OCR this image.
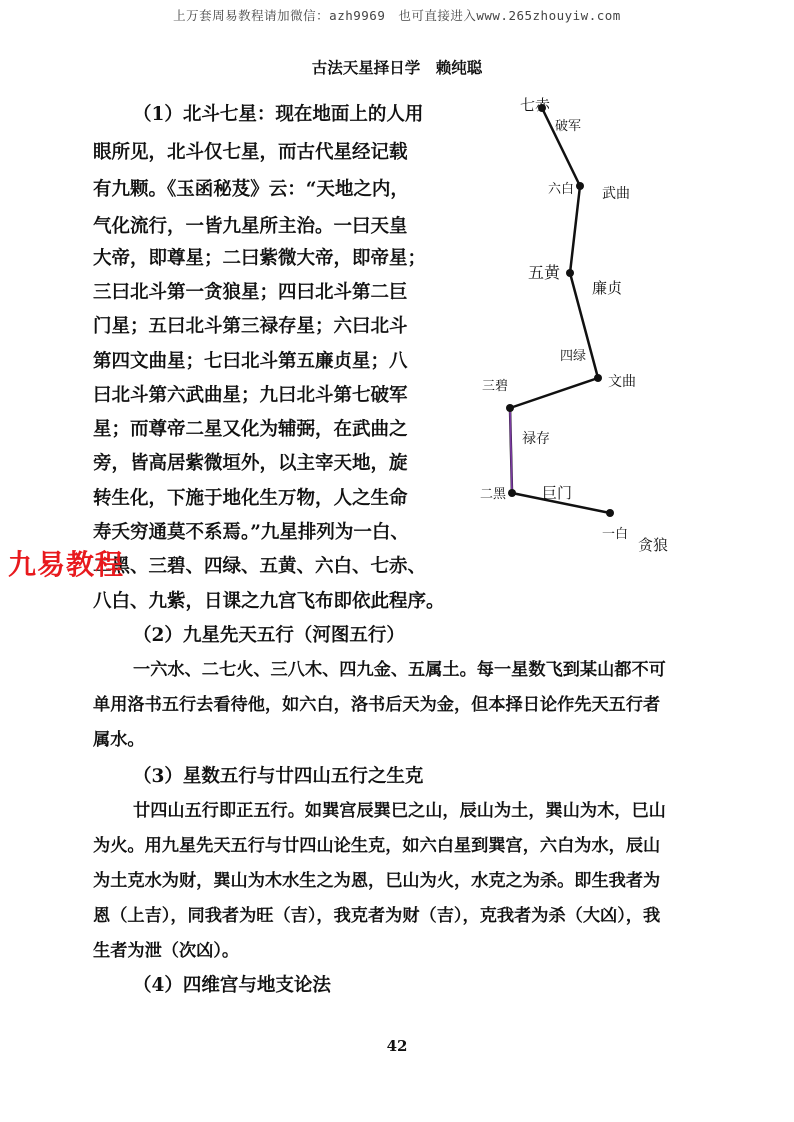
上万套周易教程请加微信：azh9969　也可直接进入www.265zhouyiw.com
古法天星择日学　赖纯聪
（1）北斗七星：现在地面上的人用
眼所见，北斗仅七星，而古代星经记载
有九颗。《玉函秘芨》云：“天地之内，
气化流行，一皆九星所主治。一曰天皇
大帝，即尊星；二曰紫微大帝，即帝星；
三曰北斗第一贪狼星；四曰北斗第二巨
门星；五曰北斗第三禄存星；六曰北斗
第四文曲星；七曰北斗第五廉贞星；八
曰北斗第六武曲星；九曰北斗第七破军
星；而尊帝二星又化为辅弼，在武曲之
旁，皆高居紫微垣外，以主宰天地，旋
转生化，下施于地化生万物，人之生命
寿夭穷通莫不系焉。”九星排列为一白、
二黑、三碧、四绿、五黄、六白、七赤、
八白、九紫，日课之九宫飞布即依此程序。
（2）九星先天五行（河图五行）
一六水、二七火、三八木、四九金、五属土。每一星数飞到某山都不可
单用洛书五行去看待他，如六白，洛书后天为金，但本择日论作先天五行者
属水。
（3）星数五行与廿四山五行之生克
廿四山五行即正五行。如巽宫辰巽巳之山，辰山为土，巽山为木，巳山
为火。用九星先天五行与廿四山论生克，如六白星到巽宫，六白为水，辰山
为土克水为财，巽山为木水生之为恩，巳山为火，水克之为杀。即生我者为
恩（上吉），同我者为旺（吉），我克者为财（吉），克我者为杀（大凶），我
生者为泄（次凶）。
（4）四维宫与地支论法
七赤
破军
六白 武曲
五黄
廉贞
四绿
文曲
三碧
禄存
二黑 巨门
一白
贪狼
九易教程
42
